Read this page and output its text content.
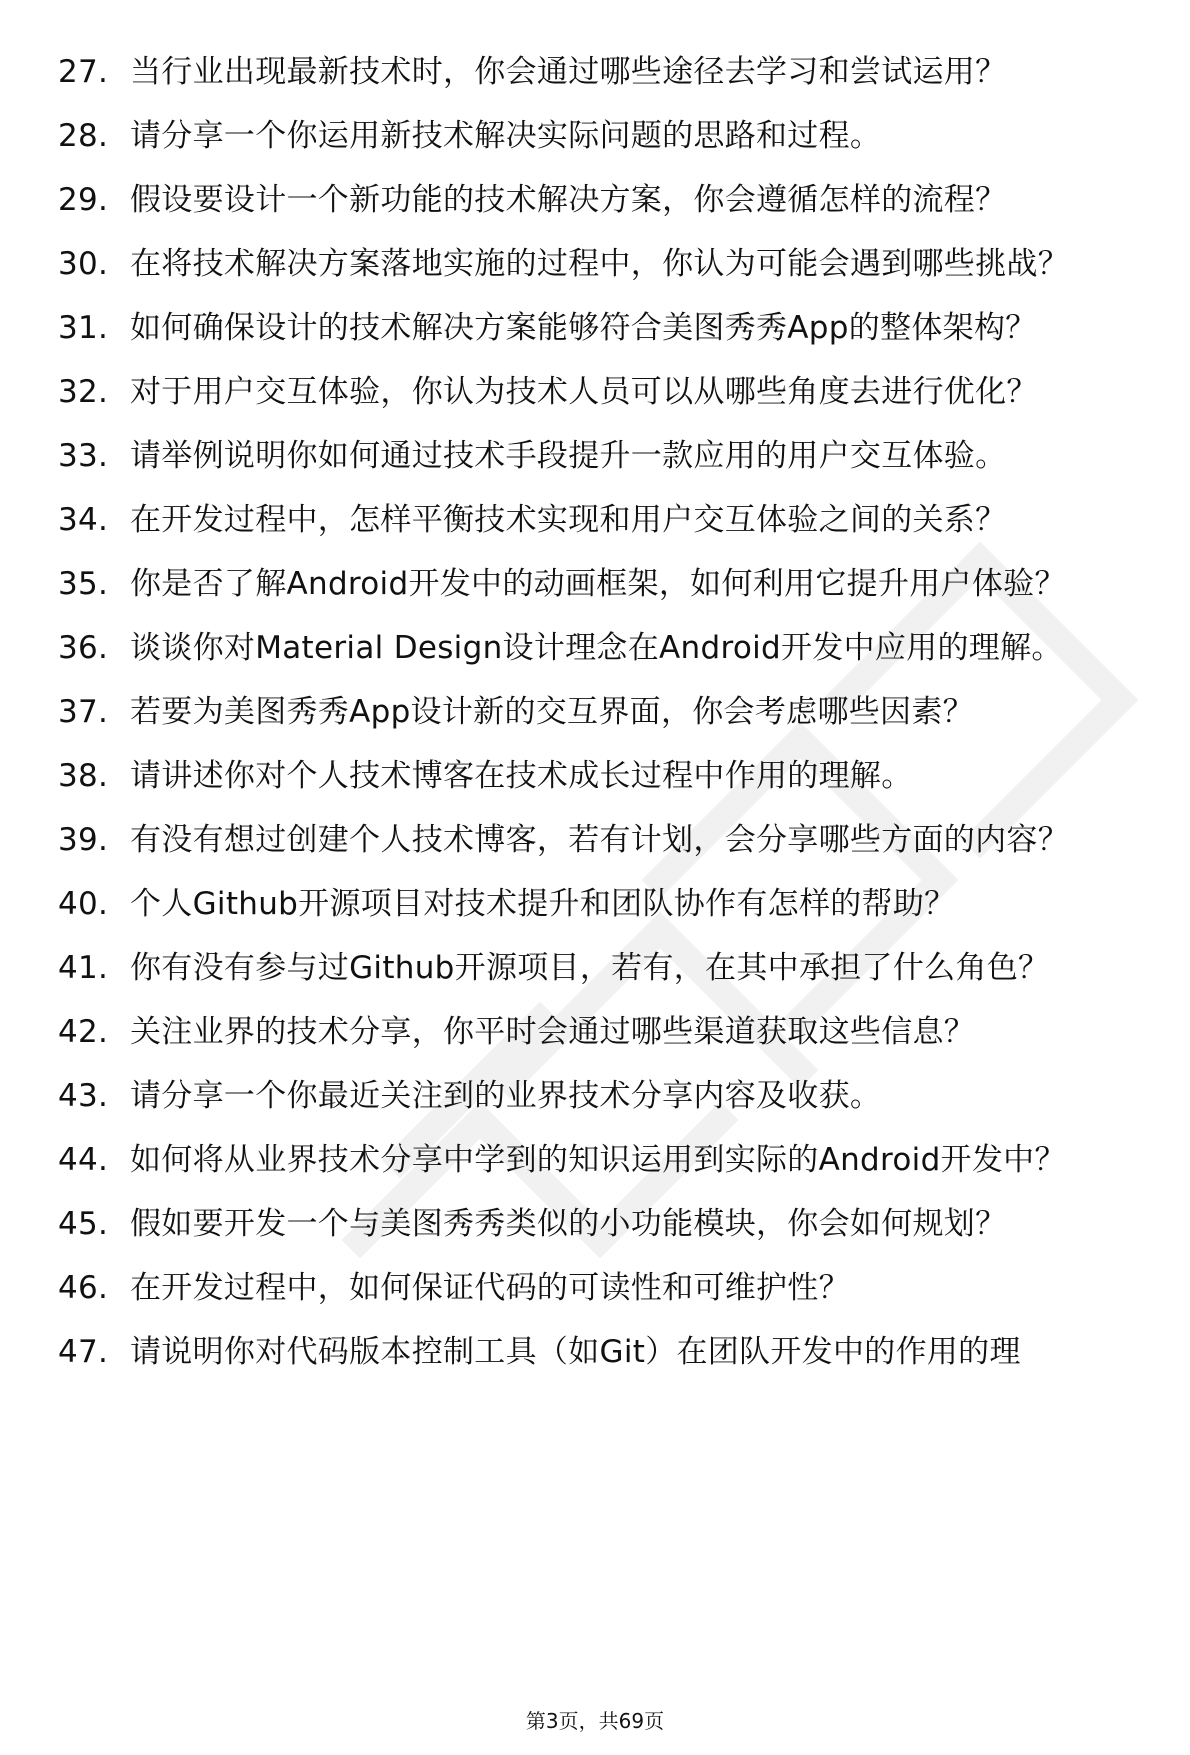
27. 当行业出现最新技术时，你会通过哪些途径去学习和尝试运用？
28. 请分享一个你运用新技术解决实际问题的思路和过程。
29. 假设要设计一个新功能的技术解决方案，你会遵循怎样的流程？
30. 在将技术解决方案落地实施的过程中，你认为可能会遇到哪些挑战？
31. 如何确保设计的技术解决方案能够符合美图秀秀App的整体架构？
32. 对于用户交互体验，你认为技术人员可以从哪些角度去进行优化？
33. 请举例说明你如何通过技术手段提升一款应用的用户交互体验。
34. 在开发过程中，怎样平衡技术实现和用户交互体验之间的关系？
35. 你是否了解Android开发中的动画框架，如何利用它提升用户体验？
36. 谈谈你对Material Design设计理念在Android开发中应用的理解。
37. 若要为美图秀秀App设计新的交互界面，你会考虑哪些因素？
38. 请讲述你对个人技术博客在技术成长过程中作用的理解。
39. 有没有想过创建个人技术博客，若有计划，会分享哪些方面的内容？
40. 个人Github开源项目对技术提升和团队协作有怎样的帮助？
41. 你有没有参与过Github开源项目，若有，在其中承担了什么角色？
42. 关注业界的技术分享，你平时会通过哪些渠道获取这些信息？
43. 请分享一个你最近关注到的业界技术分享内容及收获。
44. 如何将从业界技术分享中学到的知识运用到实际的Android开发中？
45. 假如要开发一个与美图秀秀类似的小功能模块，你会如何规划？
46. 在开发过程中，如何保证代码的可读性和可维护性？
47. 请说明你对代码版本控制工具（如Git）在团队开发中的作用的理
第3页，共69页
